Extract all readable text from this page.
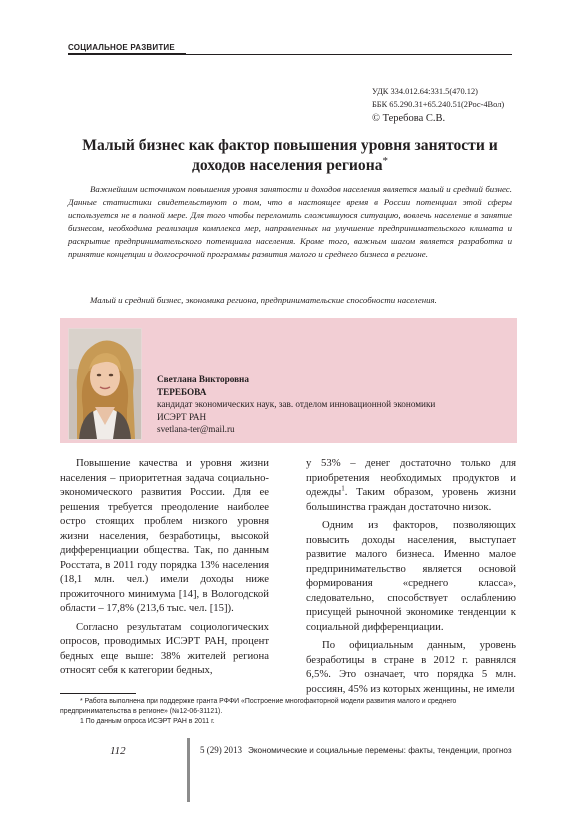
СОЦИАЛЬНОЕ РАЗВИТИЕ
УДК 334.012.64:331.5(470.12)
ББК 65.290.31+65.240.51(2Рос-4Вол)
© Теребова С.В.
Малый бизнес как фактор повышения уровня занятости и доходов населения региона*
Важнейшим источником повышения уровня занятости и доходов населения является малый и средний бизнес. Данные статистики свидетельствуют о том, что в настоящее время в России потенциал этой сферы используется не в полной мере. Для того чтобы переломить сложившуюся ситуацию, вовлечь население в занятие бизнесом, необходима реализация комплекса мер, направленных на улучшение предпринимательского климата и раскрытие предпринимательского потенциала населения. Кроме того, важным шагом является разработка и принятие концепции и долгосрочной программы развития малого и среднего бизнеса в регионе.
Малый и средний бизнес, экономика региона, предпринимательские способности населения.
Светлана Викторовна
ТЕРЕБОВА
кандидат экономических наук, зав. отделом инновационной экономики
ИСЭРТ РАН
svetlana-ter@mail.ru

Повышение качества и уровня жизни населения – приоритетная задача социально-экономического развития России. Для ее решения требуется преодоление наиболее остро стоящих проблем низкого уровня жизни населения, безработицы, высокой дифференциации общества. Так, по данным Росстата, в 2011 году порядка 13% населения (18,1 млн. чел.) имели доходы ниже прожиточного минимума [14], в Вологодской области – 17,8% (213,6 тыс. чел. [15]).

Согласно результатам социологических опросов, проводимых ИСЭРТ РАН, процент бедных еще выше: 38% жителей региона относят себя к категории бедных,

у 53% – денег достаточно только для приобретения необходимых продуктов и одежды$^1$. Таким образом, уровень жизни большинства граждан достаточно низок.

Одним из факторов, позволяющих повысить доходы населения, выступает развитие малого бизнеса. Именно малое предпринимательство является основой формирования «среднего класса», следовательно, способствует ослаблению присущей рыночной экономике тенденции к социальной дифференциации.

По официальным данным, уровень безработицы в стране в 2012 г. равнялся 6,5%. Это означает, что порядка 5 млн. россиян, 45% из которых женщины, не имели

* Работа выполнена при поддержке гранта РФФИ «Построение многофакторной модели развития малого и среднего предпринимательства в регионе» (№12-06-31121).
1 По данным опроса ИСЭРТ РАН в 2011 г.
112	5 (29) 2013 Экономические и социальные перемены: факты, тенденции, прогноз
